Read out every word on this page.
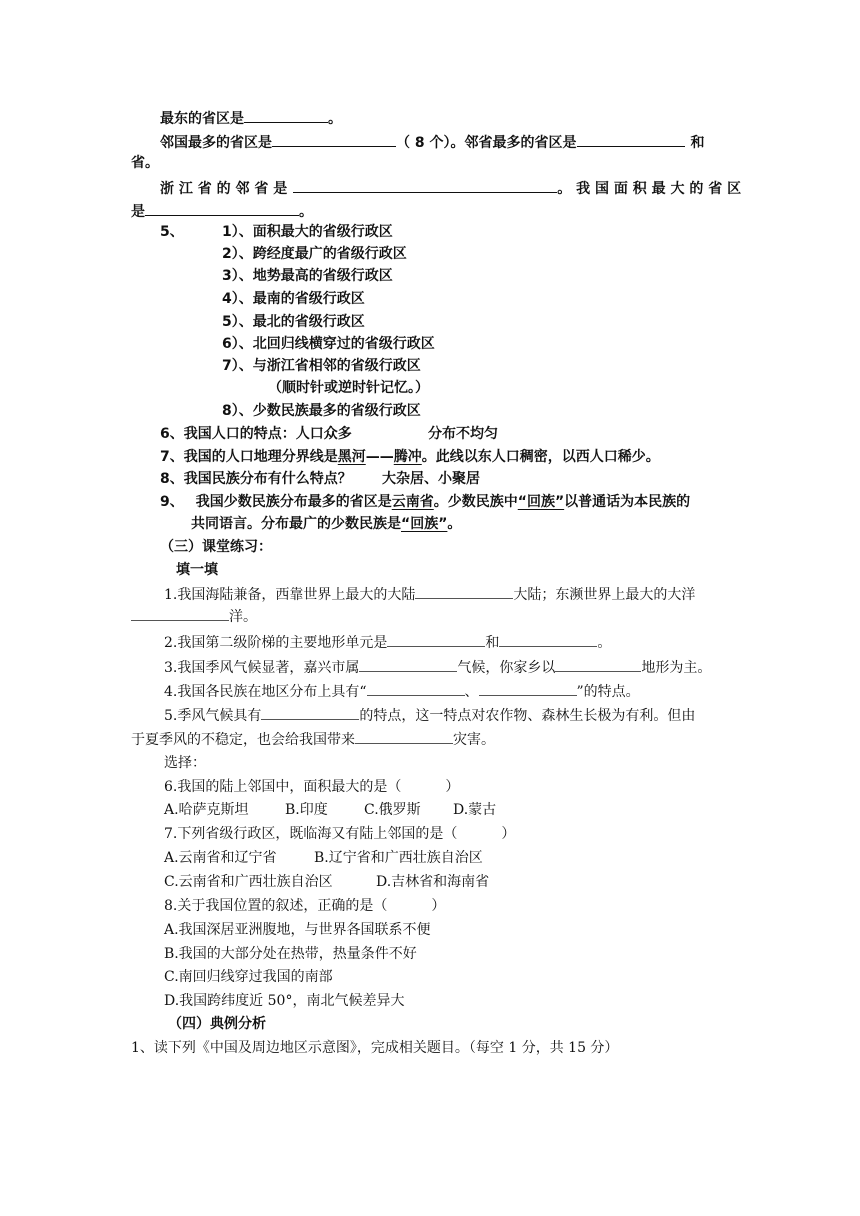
最东的省区是	。
邻国最多的省区是	（ 8 个）。邻省最多的省区是	和
省。
浙 江 省 的 邻 省 是	。 我 国 面 积 最 大 的 省 区
是	。
5、	1）、面积最大的省级行政区
2）、跨经度最广的省级行政区
3）、地势最高的省级行政区
4）、最南的省级行政区
5）、最北的省级行政区
6）、北回归线横穿过的省级行政区
7）、与浙江省相邻的省级行政区
（顺时针或逆时针记忆。）
8）、少数民族最多的省级行政区
6、我国人口的特点：人口众多	分布不均匀
7、我国的人口地理分界线是黑河——腾冲。此线以东人口稠密，以西人口稀少。
8、我国民族分布有什么特点？ 大杂居、小聚居
9、 我国少数民族分布最多的省区是云南省。少数民族中“回族”以普通话为本民族的
共同语言。分布最广的少数民族是“回族”。
（三）课堂练习：
填一填
1.我国海陆兼备，西靠世界上最大的大陆	大陆；东濒世界上最大的大洋
洋。
2.我国第二级阶梯的主要地形单元是	和	。
3.我国季风气候显著，嘉兴市属	气候，你家乡以	地形为主。
4.我国各民族在地区分布上具有“	、	”的特点。
5.季风气候具有	的特点，这一特点对农作物、森林生长极为有利。但由
于夏季风的不稳定，也会给我国带来	灾害。
选择：
6.我国的陆上邻国中，面积最大的是（	）
A.哈萨克斯坦	B.印度	C.俄罗斯 D.蒙古
7.下列省级行政区，既临海又有陆上邻国的是（	）
A.云南省和辽宁省	B.辽宁省和广西壮族自治区
C.云南省和广西壮族自治区	D.吉林省和海南省
8.关于我国位置的叙述，正确的是（	）
A.我国深居亚洲腹地，与世界各国联系不便
B.我国的大部分处在热带，热量条件不好
C.南回归线穿过我国的南部
D.我国跨纬度近 50°，南北气候差异大
（四）典例分析
1、读下列《中国及周边地区示意图》，完成相关题目。（每空 1 分，共 15 分）
